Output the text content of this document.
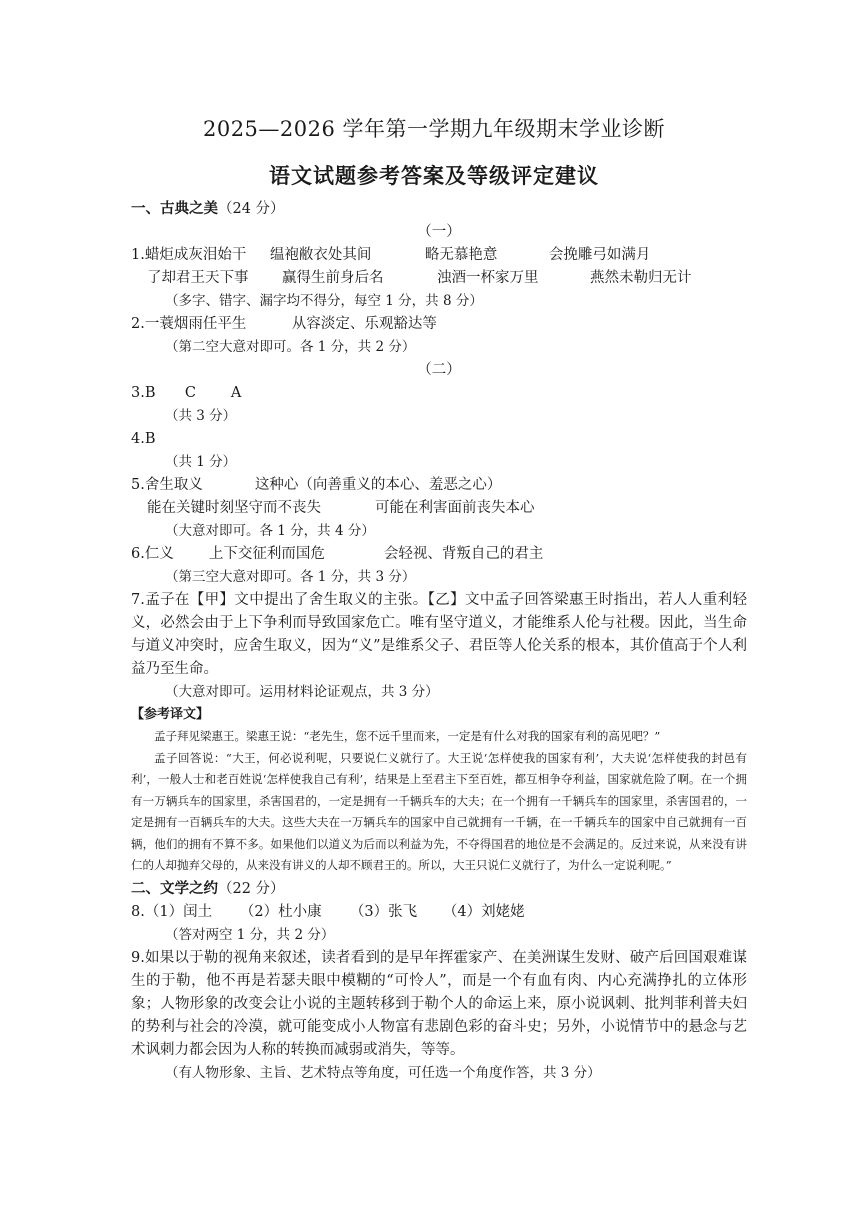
2025—2026 学年第一学期九年级期末学业诊断
语文试题参考答案及等级评定建议
一、古典之美（24 分）
（一）
1.蜡炬成灰泪始干 缊袍敝衣处其间	略无慕艳意	会挽雕弓如满月
了却君王天下事 赢得生前身后名	浊酒一杯家万里	燕然未勒归无计
（多字、错字、漏字均不得分，每空 1 分，共 8 分）
2.一蓑烟雨任平生	从容淡定、乐观豁达等
（第二空大意对即可。各 1 分，共 2 分）
（二）
3.B C A
（共 3 分）
4.B
（共 1 分）
5.舍生取义	这种心（向善重义的本心、羞恶之心）
能在关键时刻坚守而不丧失	可能在利害面前丧失本心
（大意对即可。各 1 分，共 4 分）
6.仁义 上下交征利而国危	会轻视、背叛自己的君主
（第三空大意对即可。各 1 分，共 3 分）
7.孟子在【甲】文中提出了舍生取义的主张。【乙】文中孟子回答梁惠王时指出，若人人重利轻义，必然会由于上下争利而导致国家危亡。唯有坚守道义，才能维系人伦与社稷。因此，当生命与道义冲突时，应舍生取义，因为“义”是维系父子、君臣等人伦关系的根本，其价值高于个人利益乃至生命。
（大意对即可。运用材料论证观点，共 3 分）
【参考译文】
孟子拜见梁惠王。梁惠王说：“老先生，您不远千里而来，一定是有什么对我的国家有利的高见吧？”
孟子回答说：“大王，何必说利呢，只要说仁义就行了。大王说‘怎样使我的国家有利’，大夫说‘怎样使我的封邑有利’，一般人士和老百姓说‘怎样使我自己有利’，结果是上至君主下至百姓，都互相争夺利益，国家就危险了啊。在一个拥有一万辆兵车的国家里，杀害国君的，一定是拥有一千辆兵车的大夫；在一个拥有一千辆兵车的国家里，杀害国君的，一定是拥有一百辆兵车的大夫。这些大夫在一万辆兵车的国家中自己就拥有一千辆，在一千辆兵车的国家中自己就拥有一百辆，他们的拥有不算不多。如果他们以道义为后而以利益为先，不夺得国君的地位是不会满足的。反过来说，从来没有讲仁的人却抛弃父母的，从来没有讲义的人却不顾君王的。所以，大王只说仁义就行了，为什么一定说利呢。”
二、文学之约（22 分）
8.（1）闰土 （2）杜小康 （3）张飞 （4）刘姥姥
（答对两空 1 分，共 2 分）
9.如果以于勒的视角来叙述，读者看到的是早年挥霍家产、在美洲谋生发财、破产后回国艰难谋生的于勒，他不再是若瑟夫眼中模糊的“可怜人”，而是一个有血有肉、内心充满挣扎的立体形象；人物形象的改变会让小说的主题转移到于勒个人的命运上来，原小说讽刺、批判菲利普夫妇的势利与社会的冷漠，就可能变成小人物富有悲剧色彩的奋斗史；另外，小说情节中的悬念与艺术讽刺力都会因为人称的转换而减弱或消失，等等。
（有人物形象、主旨、艺术特点等角度，可任选一个角度作答，共 3 分）
